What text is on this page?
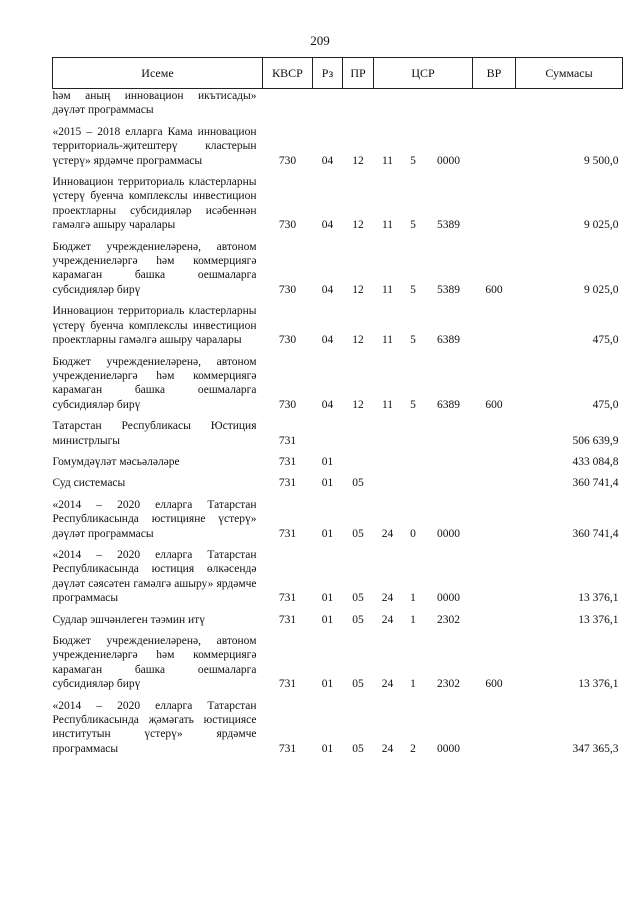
209
Исеме	КВСР	Рз	ПР	ЦСР			ВР	Суммасы
һәм аның инновацион икътисады» дәүләт программасы								
«2015 – 2018 елларга Кама инновацион территориаль-җитештерү кластерын үстерү» ярдәмче программасы	730	04	12	11	5	0000		9 500,0
Инновацион территориаль кластерларны үстерү буенча комплекслы инвестицион проектларны субсидияләр исәбеннән гамәлгә ашыру чаралары	730	04	12	11	5	5389		9 025,0
Бюджет учреждениеләренә, автоном учреждениеләргә һәм коммерциягә карамаган башка оешмаларга субсидияләр бирү	730	04	12	11	5	5389	600	9 025,0
Инновацион территориаль кластерларны үстерү буенча комплекслы инвестицион проектларны гамәлгә ашыру чаралары	730	04	12	11	5	6389		475,0
Бюджет учреждениеләренә, автоном учреждениеләргә һәм коммерциягә карамаган башка оешмаларга субсидияләр бирү	730	04	12	11	5	6389	600	475,0
Татарстан Республикасы Юстиция министрлыгы	731							506 639,9
Гомумдәүләт мәсьәләләре	731	01						433 084,8
Суд системасы	731	01	05					360 741,4
«2014 – 2020 елларга Татарстан Республикасында юстицияне үстерү» дәүләт программасы	731	01	05	24	0	0000		360 741,4
«2014 – 2020 елларга Татарстан Республикасында юстиция өлкәсендә дәүләт сәясәтен гамәлгә ашыру» ярдәмче программасы	731	01	05	24	1	0000		13 376,1
Судлар эшчәнлеген тәэмин итү	731	01	05	24	1	2302		13 376,1
Бюджет учреждениеләренә, автоном учреждениеләргә һәм коммерциягә карамаган башка оешмаларга субсидияләр бирү	731	01	05	24	1	2302	600	13 376,1
«2014 – 2020 елларга Татарстан Республикасында җәмәгать юстициясе институтын үстерү» ярдәмче программасы	731	01	05	24	2	0000		347 365,3
